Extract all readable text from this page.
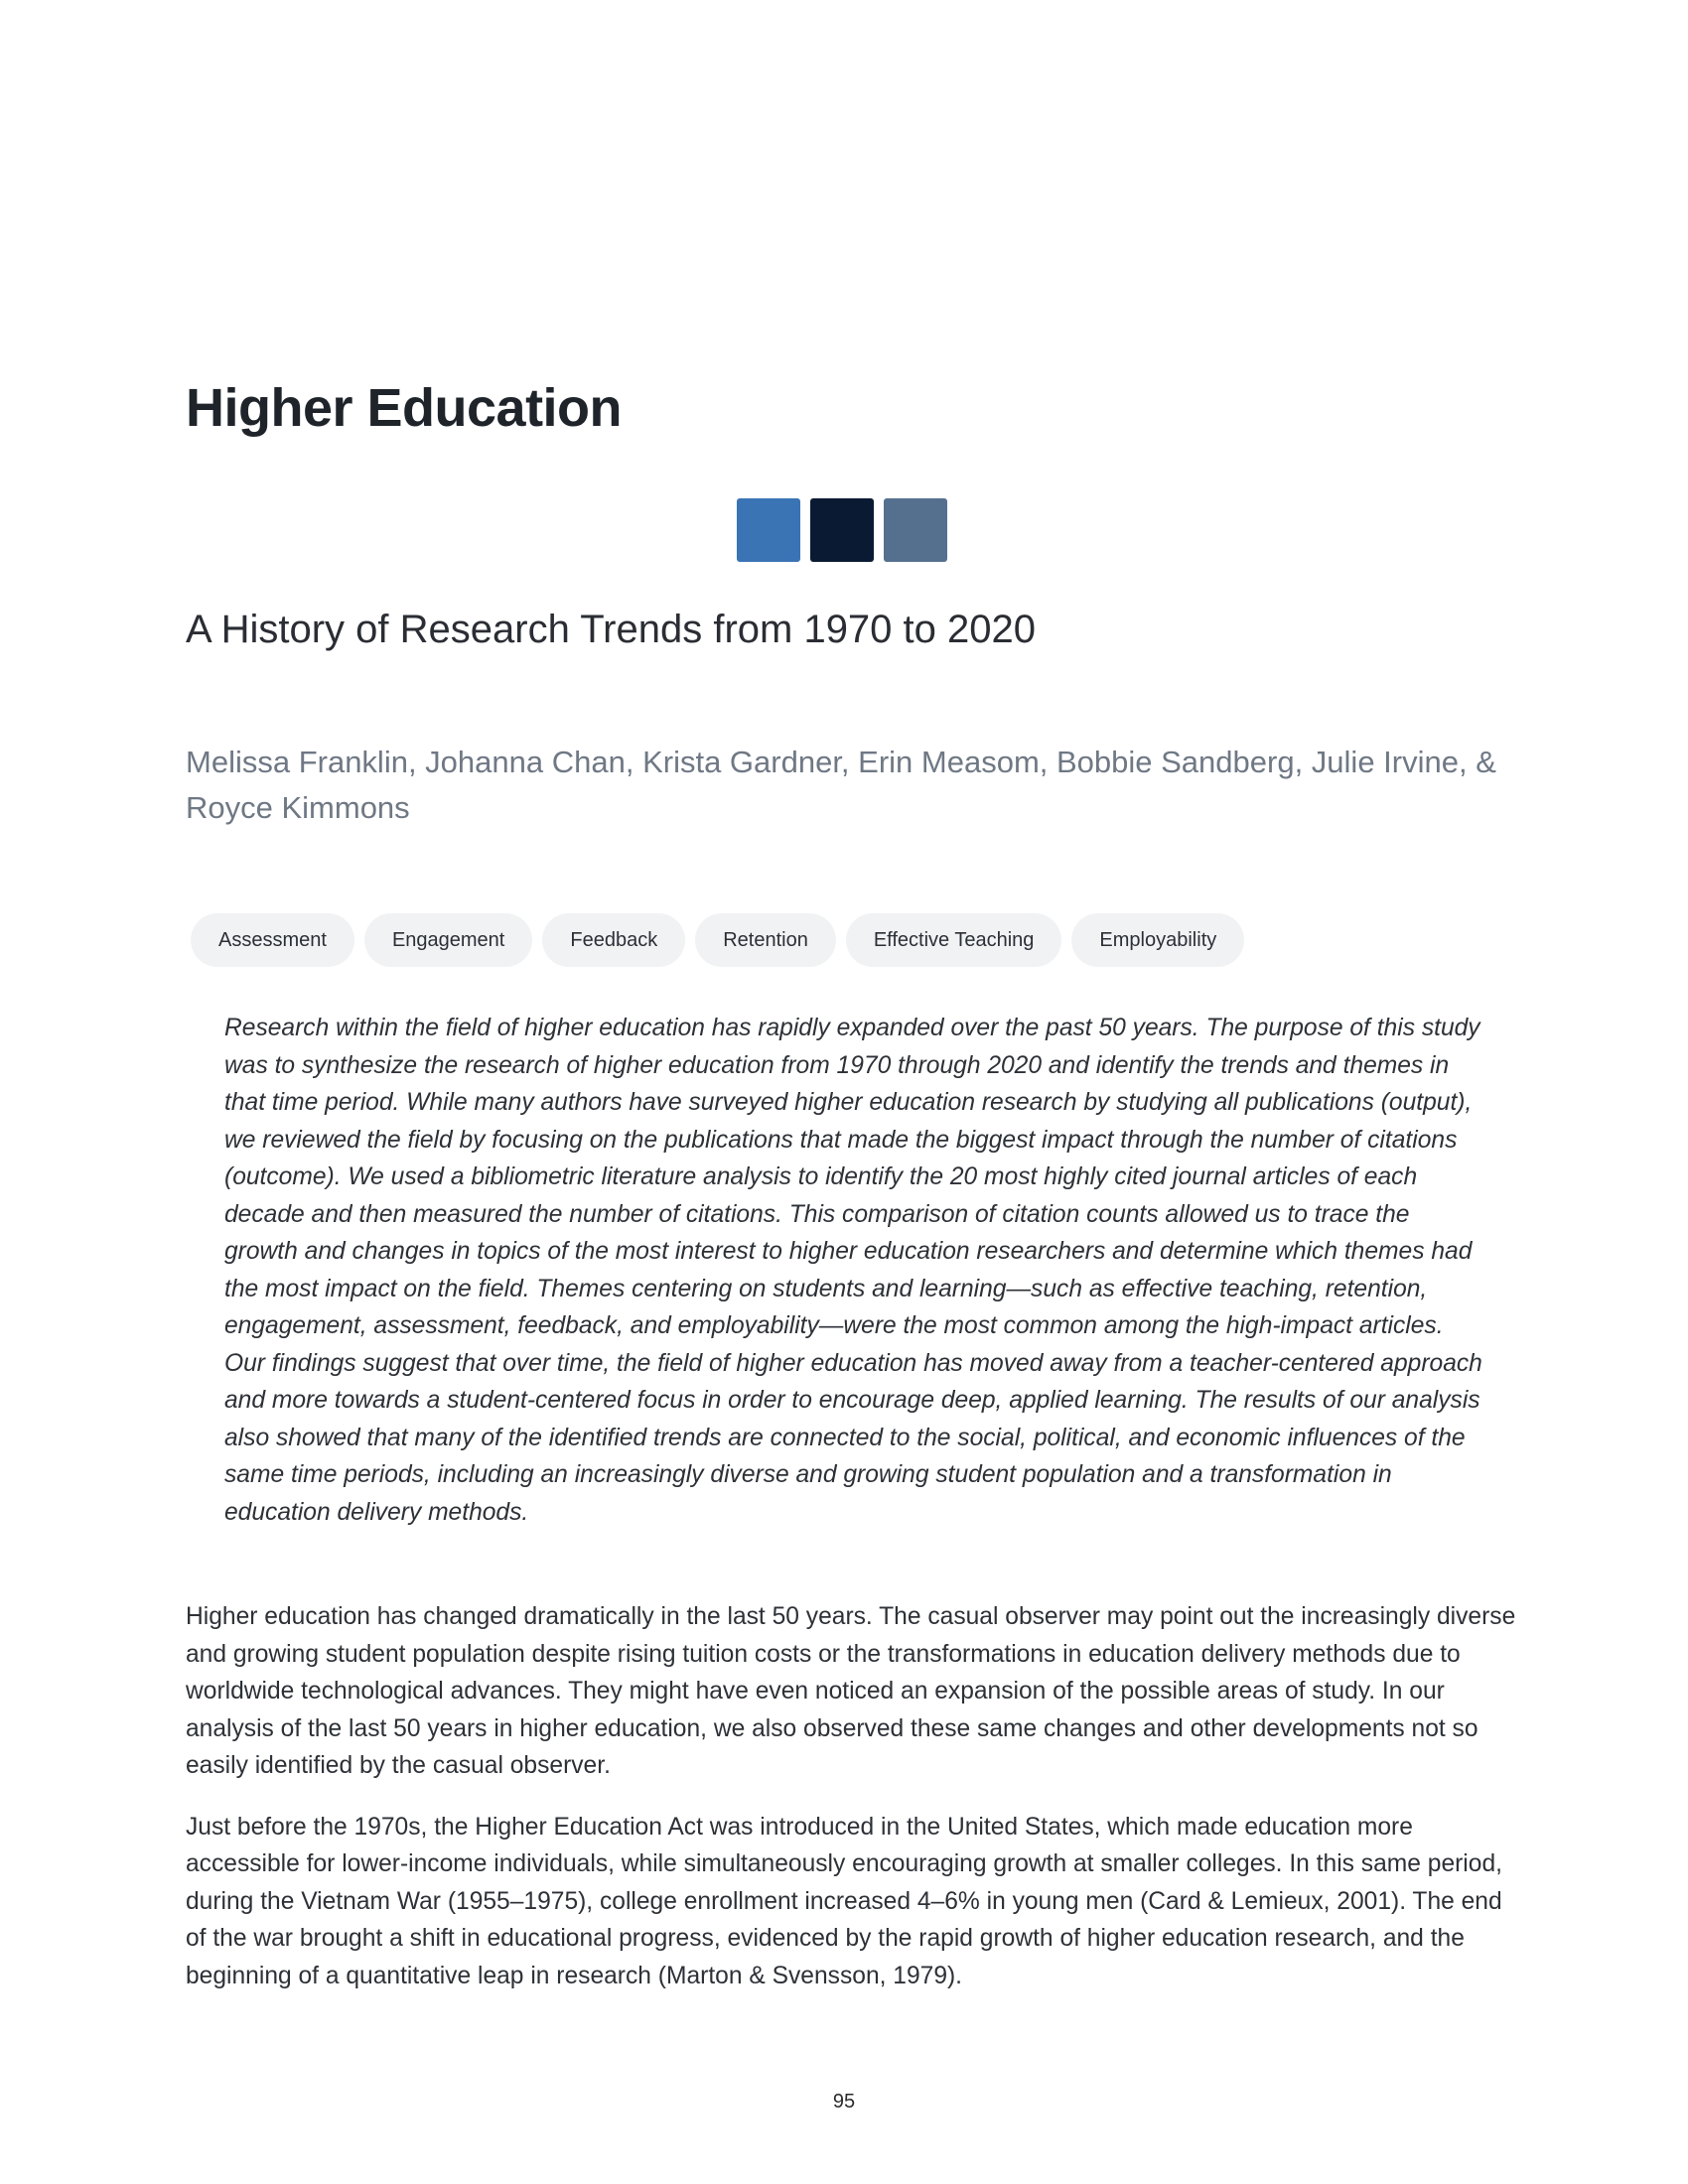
Higher Education
A History of Research Trends from 1970 to 2020

Melissa Franklin, Johanna Chan, Krista Gardner, Erin Measom, Bobbie Sandberg, Julie Irvine, & Royce Kimmons

Assessment	Engagement	Feedback	Retention	Effective Teaching	Employability

Research within the field of higher education has rapidly expanded over the past 50 years. The purpose of this study was to synthesize the research of higher education from 1970 through 2020 and identify the trends and themes in that time period. While many authors have surveyed higher education research by studying all publications (output), we reviewed the field by focusing on the publications that made the biggest impact through the number of citations (outcome). We used a bibliometric literature analysis to identify the 20 most highly cited journal articles of each decade and then measured the number of citations. This comparison of citation counts allowed us to trace the growth and changes in topics of the most interest to higher education researchers and determine which themes had the most impact on the field. Themes centering on students and learning—such as effective teaching, retention, engagement, assessment, feedback, and employability—were the most common among the high-impact articles. Our findings suggest that over time, the field of higher education has moved away from a teacher-centered approach and more towards a student-centered focus in order to encourage deep, applied learning. The results of our analysis also showed that many of the identified trends are connected to the social, political, and economic influences of the same time periods, including an increasingly diverse and growing student population and a transformation in education delivery methods.

Higher education has changed dramatically in the last 50 years. The casual observer may point out the increasingly diverse and growing student population despite rising tuition costs or the transformations in education delivery methods due to worldwide technological advances. They might have even noticed an expansion of the possible areas of study. In our analysis of the last 50 years in higher education, we also observed these same changes and other developments not so easily identified by the casual observer.

Just before the 1970s, the Higher Education Act was introduced in the United States, which made education more accessible for lower-income individuals, while simultaneously encouraging growth at smaller colleges. In this same period, during the Vietnam War (1955–1975), college enrollment increased 4–6% in young men (Card & Lemieux, 2001). The end of the war brought a shift in educational progress, evidenced by the rapid growth of higher education research, and the beginning of a quantitative leap in research (Marton & Svensson, 1979).

95
